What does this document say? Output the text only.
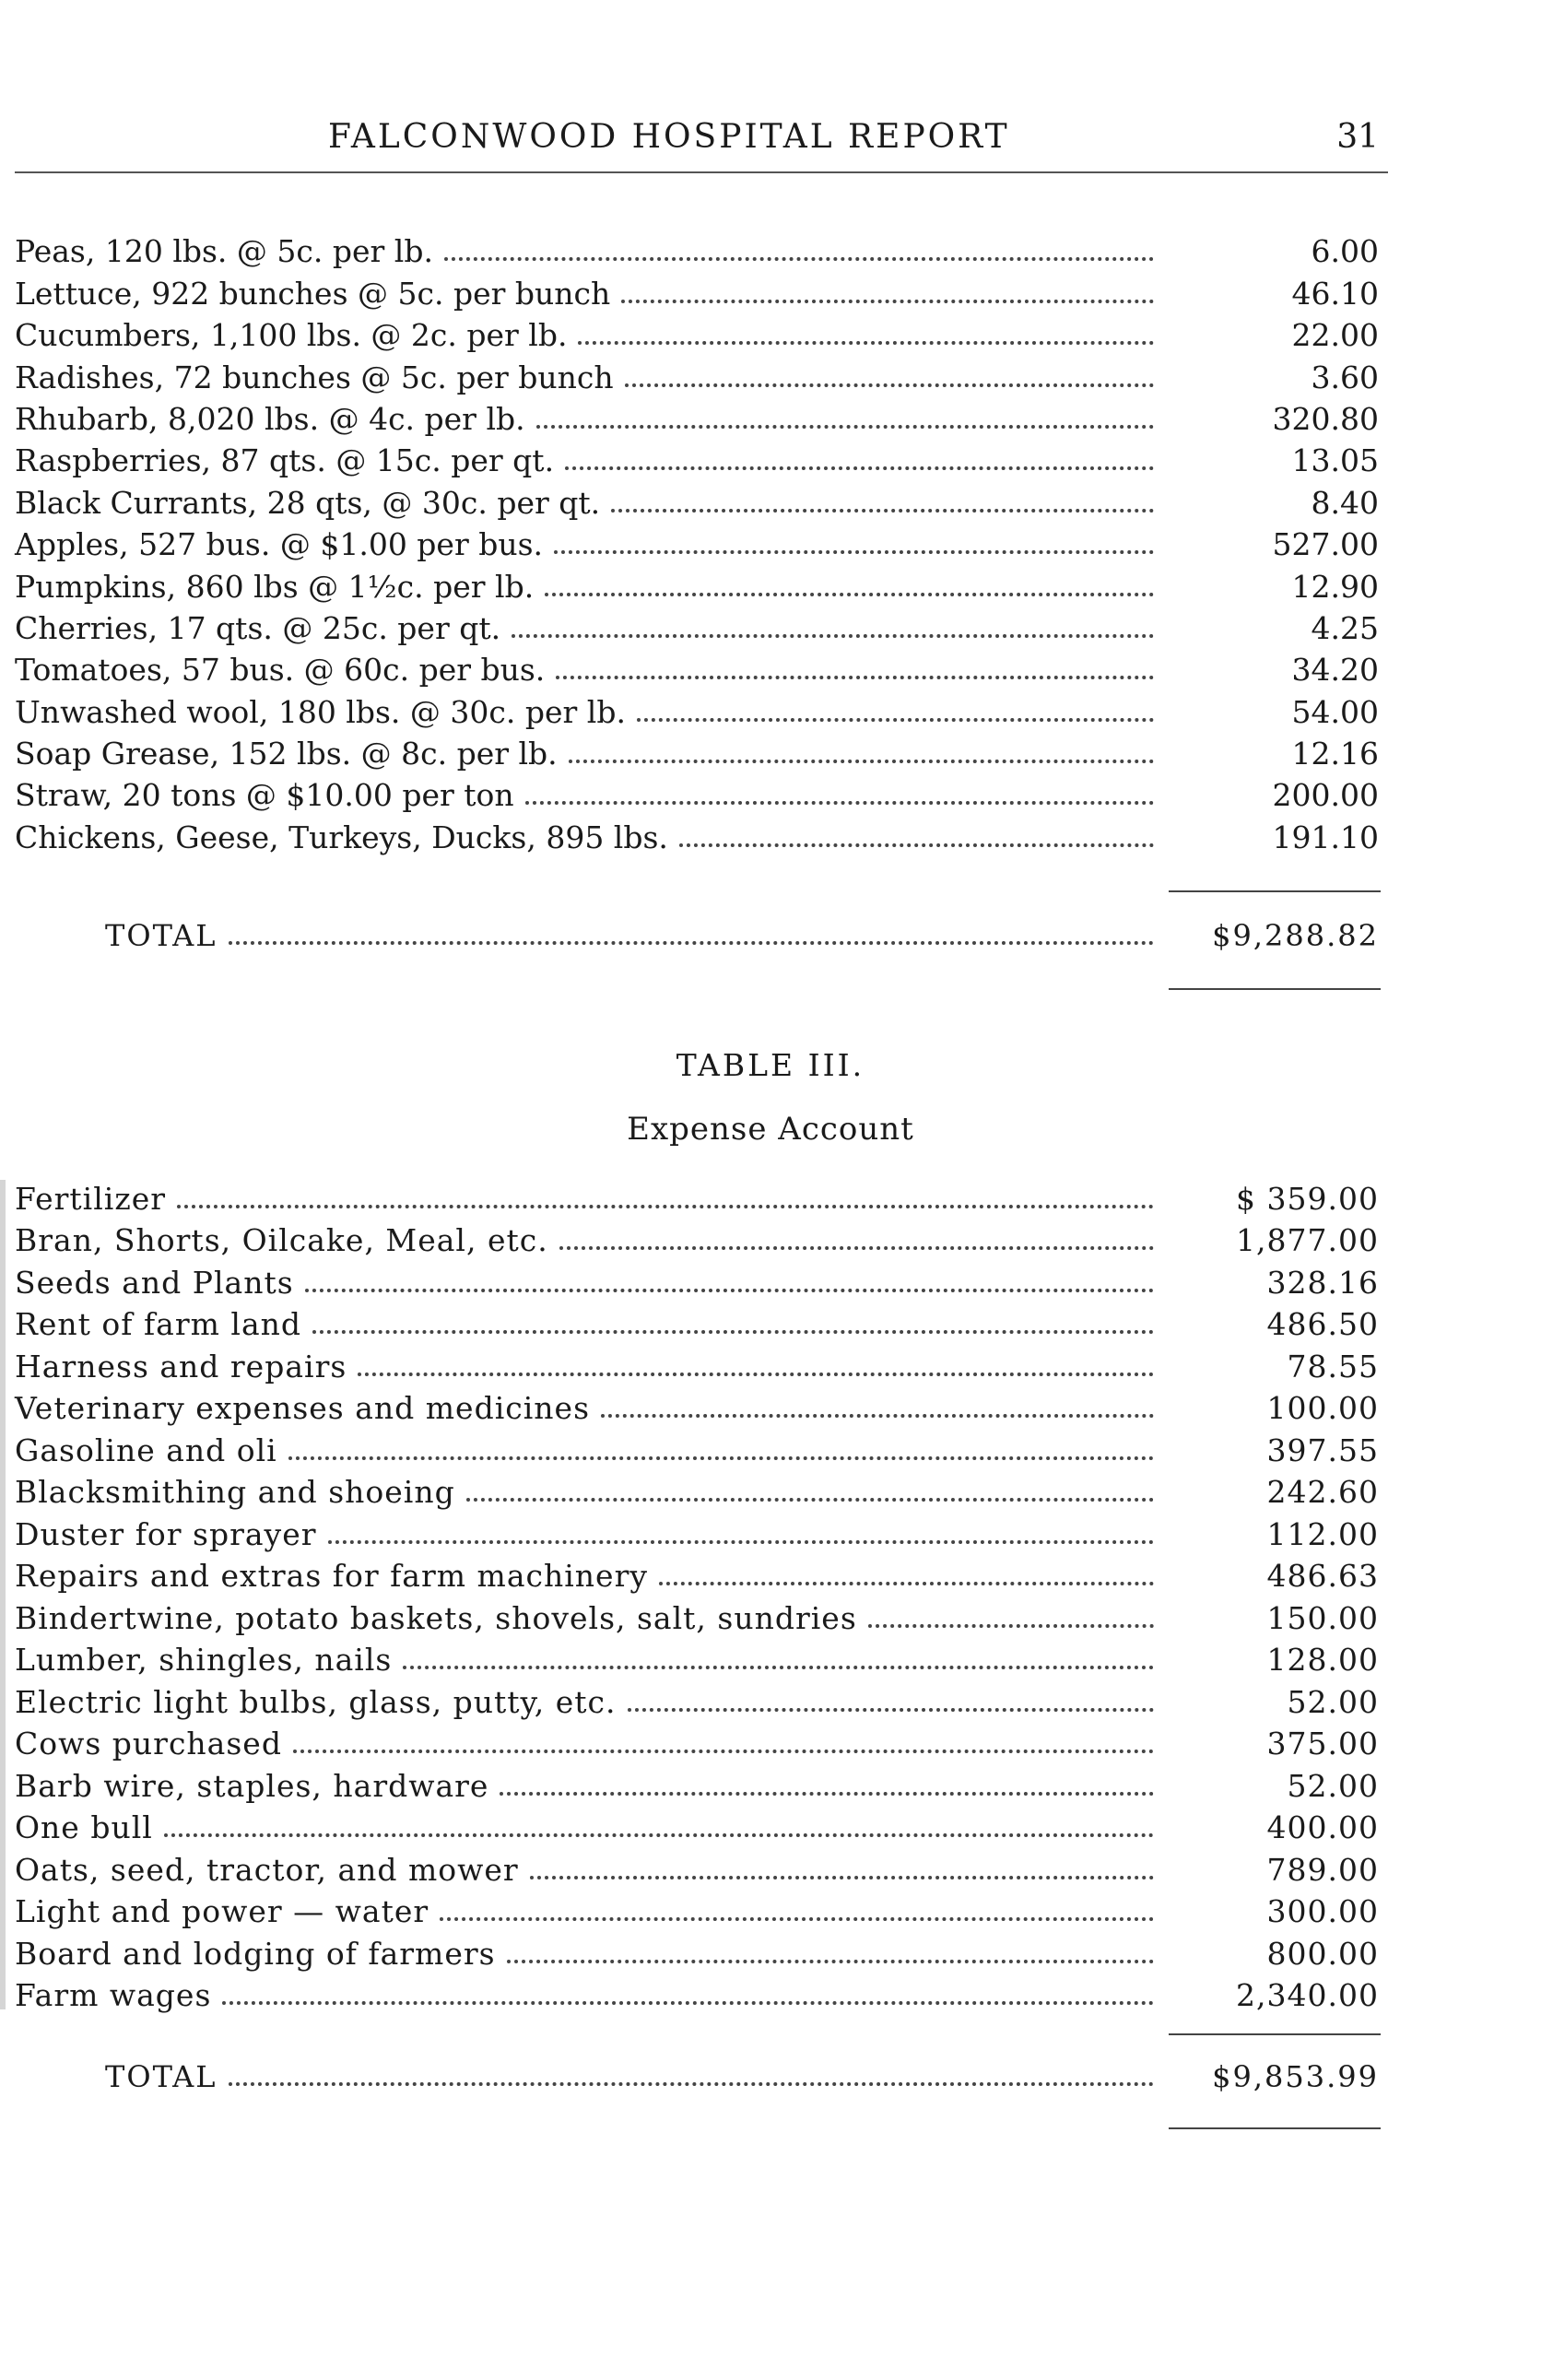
FALCONWOOD HOSPITAL REPORT	31
Peas, 120 lbs. @ 5c. per lb.	6.00
Lettuce, 922 bunches @ 5c. per bunch	46.10
Cucumbers, 1,100 lbs. @ 2c. per lb.	22.00
Radishes, 72 bunches @ 5c. per bunch	3.60
Rhubarb, 8,020 lbs. @ 4c. per lb.	320.80
Raspberries, 87 qts. @ 15c. per qt.	13.05
Black Currants, 28 qts, @ 30c. per qt.	8.40
Apples, 527 bus. @ $1.00 per bus.	527.00
Pumpkins, 860 lbs @ 1½c. per lb.	12.90
Cherries, 17 qts. @ 25c. per qt.	4.25
Tomatoes, 57 bus. @ 60c. per bus.	34.20
Unwashed wool, 180 lbs. @ 30c. per lb.	54.00
Soap Grease, 152 lbs. @ 8c. per lb.	12.16
Straw, 20 tons @ $10.00 per ton	200.00
Chickens, Geese, Turkeys, Ducks, 895 lbs.	191.10
TOTAL	$9,288.82
TABLE III.
Expense Account
Fertilizer	$ 359.00
Bran, Shorts, Oilcake, Meal, etc.	1,877.00
Seeds and Plants	328.16
Rent of farm land	486.50
Harness and repairs	78.55
Veterinary expenses and medicines	100.00
Gasoline and oli	397.55
Blacksmithing and shoeing	242.60
Duster for sprayer	112.00
Repairs and extras for farm machinery	486.63
Bindertwine, potato baskets, shovels, salt, sundries	150.00
Lumber, shingles, nails	128.00
Electric light bulbs, glass, putty, etc.	52.00
Cows purchased	375.00
Barb wire, staples, hardware	52.00
One bull	400.00
Oats, seed, tractor, and mower	789.00
Light and power — water	300.00
Board and lodging of farmers	800.00
Farm wages	2,340.00
TOTAL	$9,853.99
